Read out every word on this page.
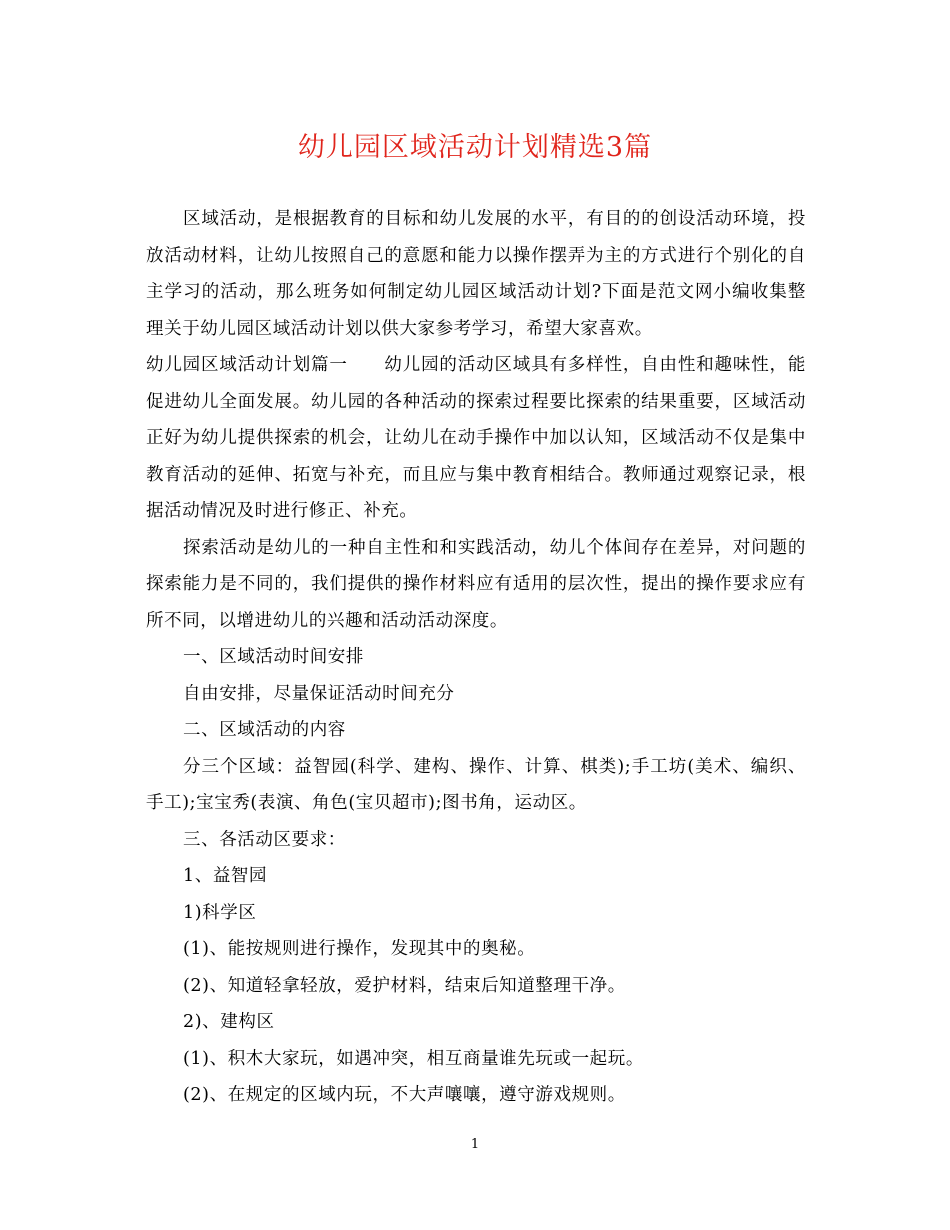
幼儿园区域活动计划精选3篇

区域活动，是根据教育的目标和幼儿发展的水平，有目的的创设活动环境，投放活动材料，让幼儿按照自己的意愿和能力以操作摆弄为主的方式进行个别化的自主学习的活动，那么班务如何制定幼儿园区域活动计划?下面是范文网小编收集整理关于幼儿园区域活动计划以供大家参考学习，希望大家喜欢。

幼儿园区域活动计划篇一　　幼儿园的活动区域具有多样性，自由性和趣味性，能促进幼儿全面发展。幼儿园的各种活动的探索过程要比探索的结果重要，区域活动正好为幼儿提供探索的机会，让幼儿在动手操作中加以认知，区域活动不仅是集中教育活动的延伸、拓宽与补充，而且应与集中教育相结合。教师通过观察记录，根据活动情况及时进行修正、补充。

探索活动是幼儿的一种自主性和和实践活动，幼儿个体间存在差异，对问题的探索能力是不同的，我们提供的操作材料应有适用的层次性，提出的操作要求应有所不同，以增进幼儿的兴趣和活动活动深度。

一、区域活动时间安排

自由安排，尽量保证活动时间充分

二、区域活动的内容

分三个区域：益智园(科学、建构、操作、计算、棋类);手工坊(美术、编织、手工);宝宝秀(表演、角色(宝贝超市);图书角，运动区。

三、各活动区要求：

1、益智园

1)科学区

(1)、能按规则进行操作，发现其中的奥秘。

(2)、知道轻拿轻放，爱护材料，结束后知道整理干净。

2)、建构区

(1)、积木大家玩，如遇冲突，相互商量谁先玩或一起玩。

(2)、在规定的区域内玩，不大声嚷嚷，遵守游戏规则。

1
